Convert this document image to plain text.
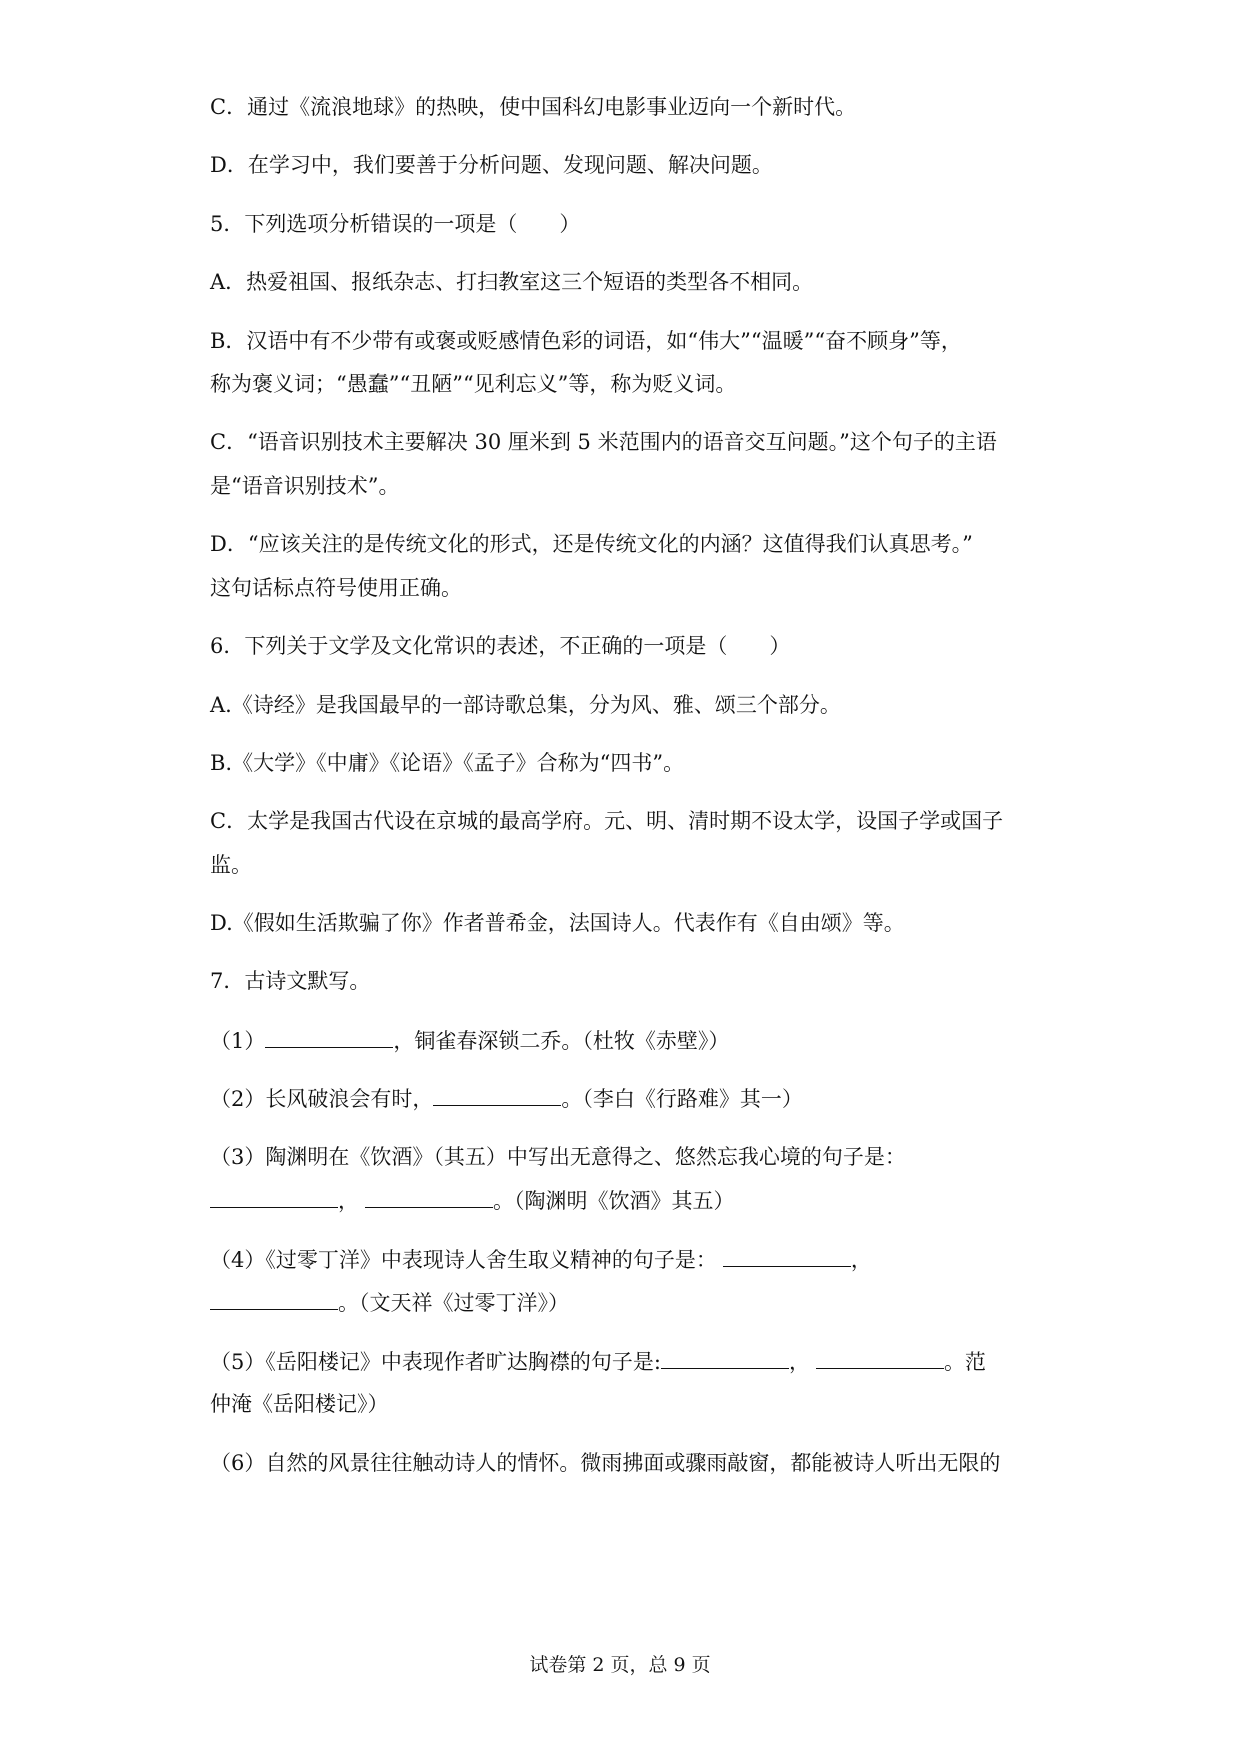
C．通过《流浪地球》的热映，使中国科幻电影事业迈向一个新时代。
D．在学习中，我们要善于分析问题、发现问题、解决问题。
5．下列选项分析错误的一项是（　　）
A．热爱祖国、报纸杂志、打扫教室这三个短语的类型各不相同。
B．汉语中有不少带有或褒或贬感情色彩的词语，如“伟大”“温暖”“奋不顾身”等，
称为褒义词；“愚蠢”“丑陋”“见利忘义”等，称为贬义词。
C．“语音识别技术主要解决 30 厘米到 5 米范围内的语音交互问题。”这个句子的主语
是“语音识别技术”。
D．“应该关注的是传统文化的形式，还是传统文化的内涵？这值得我们认真思考。”
这句话标点符号使用正确。
6．下列关于文学及文化常识的表述，不正确的一项是（　　）
A.《诗经》是我国最早的一部诗歌总集，分为风、雅、颂三个部分。
B.《大学》《中庸》《论语》《孟子》合称为“四书”。
C．太学是我国古代设在京城的最高学府。元、明、清时期不设太学，设国子学或国子
监。
D.《假如生活欺骗了你》作者普希金，法国诗人。代表作有《自由颂》等。
7．古诗文默写。
（1）	，铜雀春深锁二乔。（杜牧《赤壁》）
（2）长风破浪会有时，	。（李白《行路难》其一）
（3）陶渊明在《饮酒》（其五）中写出无意得之、悠然忘我心境的句子是：
，	。（陶渊明《饮酒》其五）
（4）《过零丁洋》中表现诗人舍生取义精神的句子是：	，
。（文天祥《过零丁洋》）
（5）《岳阳楼记》中表现作者旷达胸襟的句子是:	，	。范
仲淹《岳阳楼记》）
（6）自然的风景往往触动诗人的情怀。微雨拂面或骤雨敲窗，都能被诗人听出无限的
试卷第 2 页，总 9 页
